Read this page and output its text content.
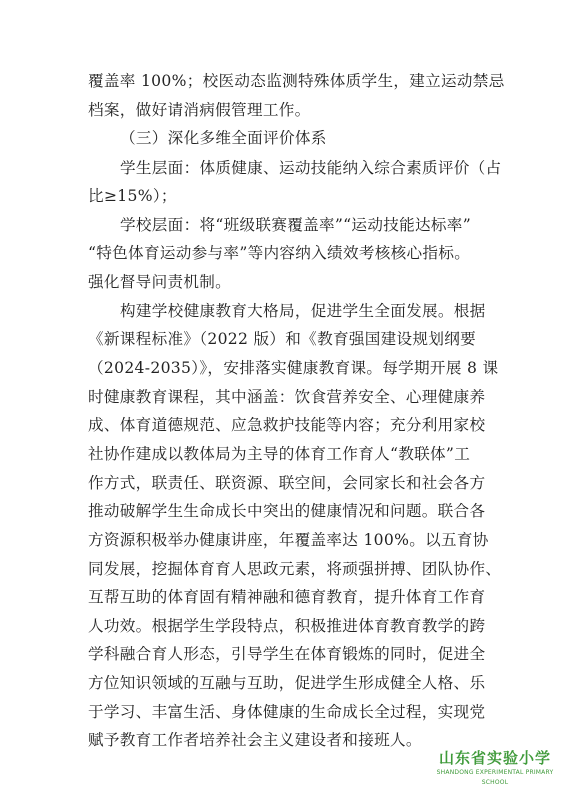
覆盖率 100%；校医动态监测特殊体质学生，建立运动禁忌
档案，做好请消病假管理工作。
（三）深化多维全面评价体系
学生层面：体质健康、运动技能纳入综合素质评价（占
比≥15%）；
学校层面：将“班级联赛覆盖率”“运动技能达标率”
“特色体育运动参与率”等内容纳入绩效考核核心指标。
强化督导问责机制。
构建学校健康教育大格局，促进学生全面发展。根据
《新课程标准》（2022 版）和《教育强国建设规划纲要
（2024-2035）》，安排落实健康教育课。每学期开展 8 课
时健康教育课程，其中涵盖：饮食营养安全、心理健康养
成、体育道德规范、应急救护技能等内容；充分利用家校
社协作建成以教体局为主导的体育工作育人“教联体”工
作方式，联责任、联资源、联空间，会同家长和社会各方
推动破解学生生命成长中突出的健康情况和问题。联合各
方资源积极举办健康讲座，年覆盖率达 100%。以五育协
同发展，挖掘体育育人思政元素，将顽强拼搏、团队协作、
互帮互助的体育固有精神融和德育教育，提升体育工作育
人功效。根据学生学段特点，积极推进体育教育教学的跨
学科融合育人形态，引导学生在体育锻炼的同时，促进全
方位知识领域的互融与互助，促进学生形成健全人格、乐
于学习、丰富生活、身体健康的生命成长全过程，实现党
赋予教育工作者培养社会主义建设者和接班人。
山东省实验小学
SHANDONG EXPERIMENTAL PRIMARY SCHOOL
